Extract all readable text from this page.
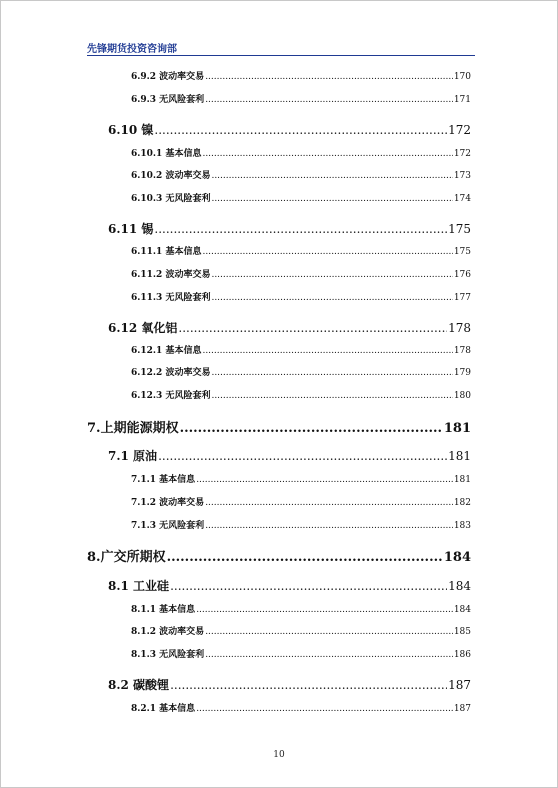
先锋期货投资咨询部
6.9.2 波动率交易 .....	170
6.9.3 无风险套利 .....	171
6.10 镍 .....	172
6.10.1 基本信息 .....	172
6.10.2 波动率交易 .....	173
6.10.3 无风险套利 .....	174
6.11 锡 .....	175
6.11.1 基本信息 .....	175
6.11.2 波动率交易 .....	176
6.11.3 无风险套利 .....	177
6.12 氧化铝 .....	178
6.12.1 基本信息 .....	178
6.12.2 波动率交易 .....	179
6.12.3 无风险套利 .....	180
7.上期能源期权 .....	181
7.1 原油 .....	181
7.1.1 基本信息 .....	181
7.1.2 波动率交易 .....	182
7.1.3 无风险套利 .....	183
8.广交所期权 .....	184
8.1 工业硅 .....	184
8.1.1 基本信息 .....	184
8.1.2 波动率交易 .....	185
8.1.3 无风险套利 .....	186
8.2 碳酸锂 .....	187
8.2.1 基本信息 .....	187
10
